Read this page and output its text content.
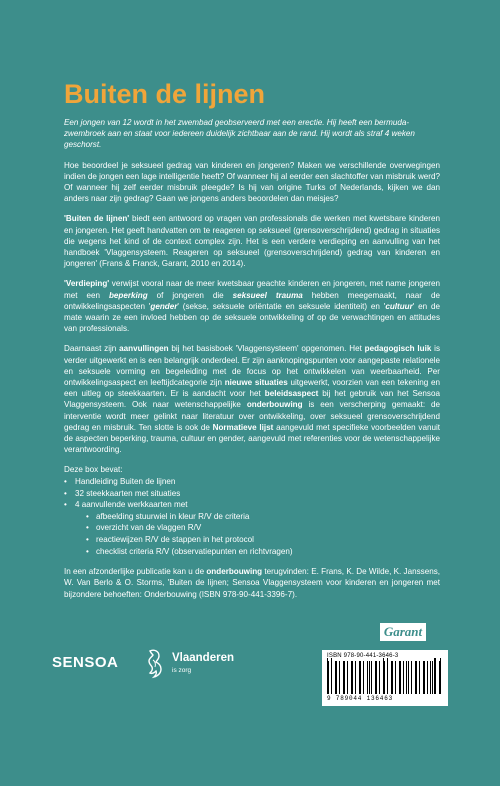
Buiten de lijnen

Een jongen van 12 wordt in het zwembad geobserveerd met een erectie. Hij heeft een bermuda-zwembroek aan en staat voor iedereen duidelijk zichtbaar aan de rand. Hij wordt als straf 4 weken geschorst.

Hoe beoordeel je seksueel gedrag van kinderen en jongeren? Maken we verschillende overwegingen indien de jongen een lage intelligentie heeft? Of wanneer hij al eerder een slachtoffer van misbruik werd? Of wanneer hij zelf eerder misbruik pleegde? Is hij van origine Turks of Nederlands, kijken we dan anders naar zijn gedrag? Gaan we jongens anders beoordelen dan meisjes?

'Buiten de lijnen' biedt een antwoord op vragen van professionals die werken met kwetsbare kinderen en jongeren. Het geeft handvatten om te reageren op seksueel (grensoverschrijdend) gedrag in situaties die wegens het kind of de context complex zijn. Het is een verdere verdieping en aanvulling van het handboek 'Vlaggensysteem. Reageren op seksueel (grensoverschrijdend) gedrag van kinderen en jongeren' (Frans & Franck, Garant, 2010 en 2014).

'Verdieping' verwijst vooral naar de meer kwetsbaar geachte kinderen en jongeren, met name jongeren met een beperking of jongeren die seksueel trauma hebben meegemaakt, naar de ontwikkelingsaspecten 'gender' (sekse, seksuele oriëntatie en seksuele identiteit) en 'cultuur' en de mate waarin ze een invloed hebben op de seksuele ontwikkeling of op de verwachtingen en attitudes van professionals.

Daarnaast zijn aanvullingen bij het basisboek 'Vlaggensysteem' opgenomen. Het pedagogisch luik is verder uitgewerkt en is een belangrijk onderdeel. Er zijn aanknopingspunten voor aangepaste relationele en seksuele vorming en begeleiding met de focus op het ontwikkelen van weerbaarheid. Per ontwikkelingsaspect en leeftijdcategorie zijn nieuwe situaties uitgewerkt, voorzien van een tekening en een uitleg op steekkaarten. Er is aandacht voor het beleidsaspect bij het gebruik van het Sensoa Vlaggensysteem. Ook naar wetenschappelijke onderbouwing is een verscherping gemaakt: de interventie wordt meer gelinkt naar literatuur over ontwikkeling, over seksueel grensoverschrijdend gedrag en misbruik. Ten slotte is ook de Normatieve lijst aangevuld met specifieke voorbeelden vanuit de aspecten beperking, trauma, cultuur en gender, aangevuld met referenties voor de wetenschappelijke verantwoording.

Deze box bevat:
• Handleiding Buiten de lijnen
• 32 steekkaarten met situaties
• 4 aanvullende werkkaarten met
• afbeelding stuurwiel in kleur R/V de criteria
• overzicht van de vlaggen R/V
• reactiewijzen R/V de stappen in het protocol
• checklist criteria R/V (observatiepunten en richtvragen)

In een afzonderlijke publicatie kan u de onderbouwing terugvinden: E. Frans, K. De Wilde, K. Janssens, W. Van Berlo & O. Storms, 'Buiten de lijnen; Sensoa Vlaggensysteem voor kinderen en jongeren met bijzondere behoeften: Onderbouwing (ISBN 978-90-441-3396-7).

SENSOA	Vlaanderen
is zorg
Garant
ISBN 978-90-441-3646-3
9 789044 136463
